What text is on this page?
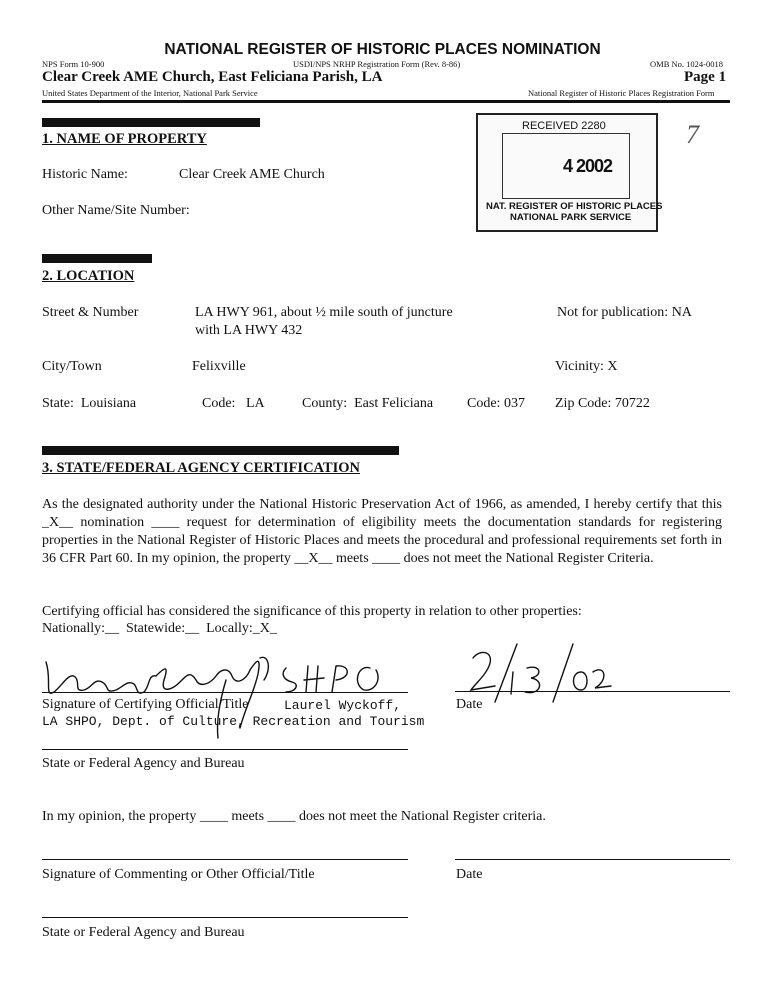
NATIONAL REGISTER OF HISTORIC PLACES NOMINATION
NPS Form 10-900	USDI/NPS NRHP Registration Form (Rev. 8-86)	OMB No. 1024-0018
Clear Creek AME Church, East Feliciana Parish, LA	Page 1
United States Department of the Interior, National Park Service	National Register of Historic Places Registration Form
RECEIVED 2280
4 2002
NAT. REGISTER OF HISTORIC PLACES
NATIONAL PARK SERVICE
7
1. NAME OF PROPERTY
Historic Name:	Clear Creek AME Church
Other Name/Site Number:
2. LOCATION
Street & Number	LA HWY 961, about ½ mile south of juncture
with LA HWY 432
Not for publication: NA
City/Town	Felixville	Vicinity: X
State:  Louisiana	Code:   LA	County:  East Feliciana Code: 037 Zip Code: 70722
3. STATE/FEDERAL AGENCY CERTIFICATION
As the designated authority under the National Historic Preservation Act of 1966, as amended, I hereby certify that this _X__ nomination ____ request for determination of eligibility meets the documentation standards for registering properties in the National Register of Historic Places and meets the procedural and professional requirements set forth in 36 CFR Part 60. In my opinion, the property __X__ meets ____ does not meet the National Register Criteria.
Certifying official has considered the significance of this property in relation to other properties:
Nationally:__  Statewide:__  Locally:_X_
Signature of Certifying Official/Title	Laurel Wyckoff,
LA SHPO, Dept. of Culture, Recreation and Tourism
Date
State or Federal Agency and Bureau
In my opinion, the property ____ meets ____ does not meet the National Register criteria.
Signature of Commenting or Other Official/Title	Date
State or Federal Agency and Bureau
